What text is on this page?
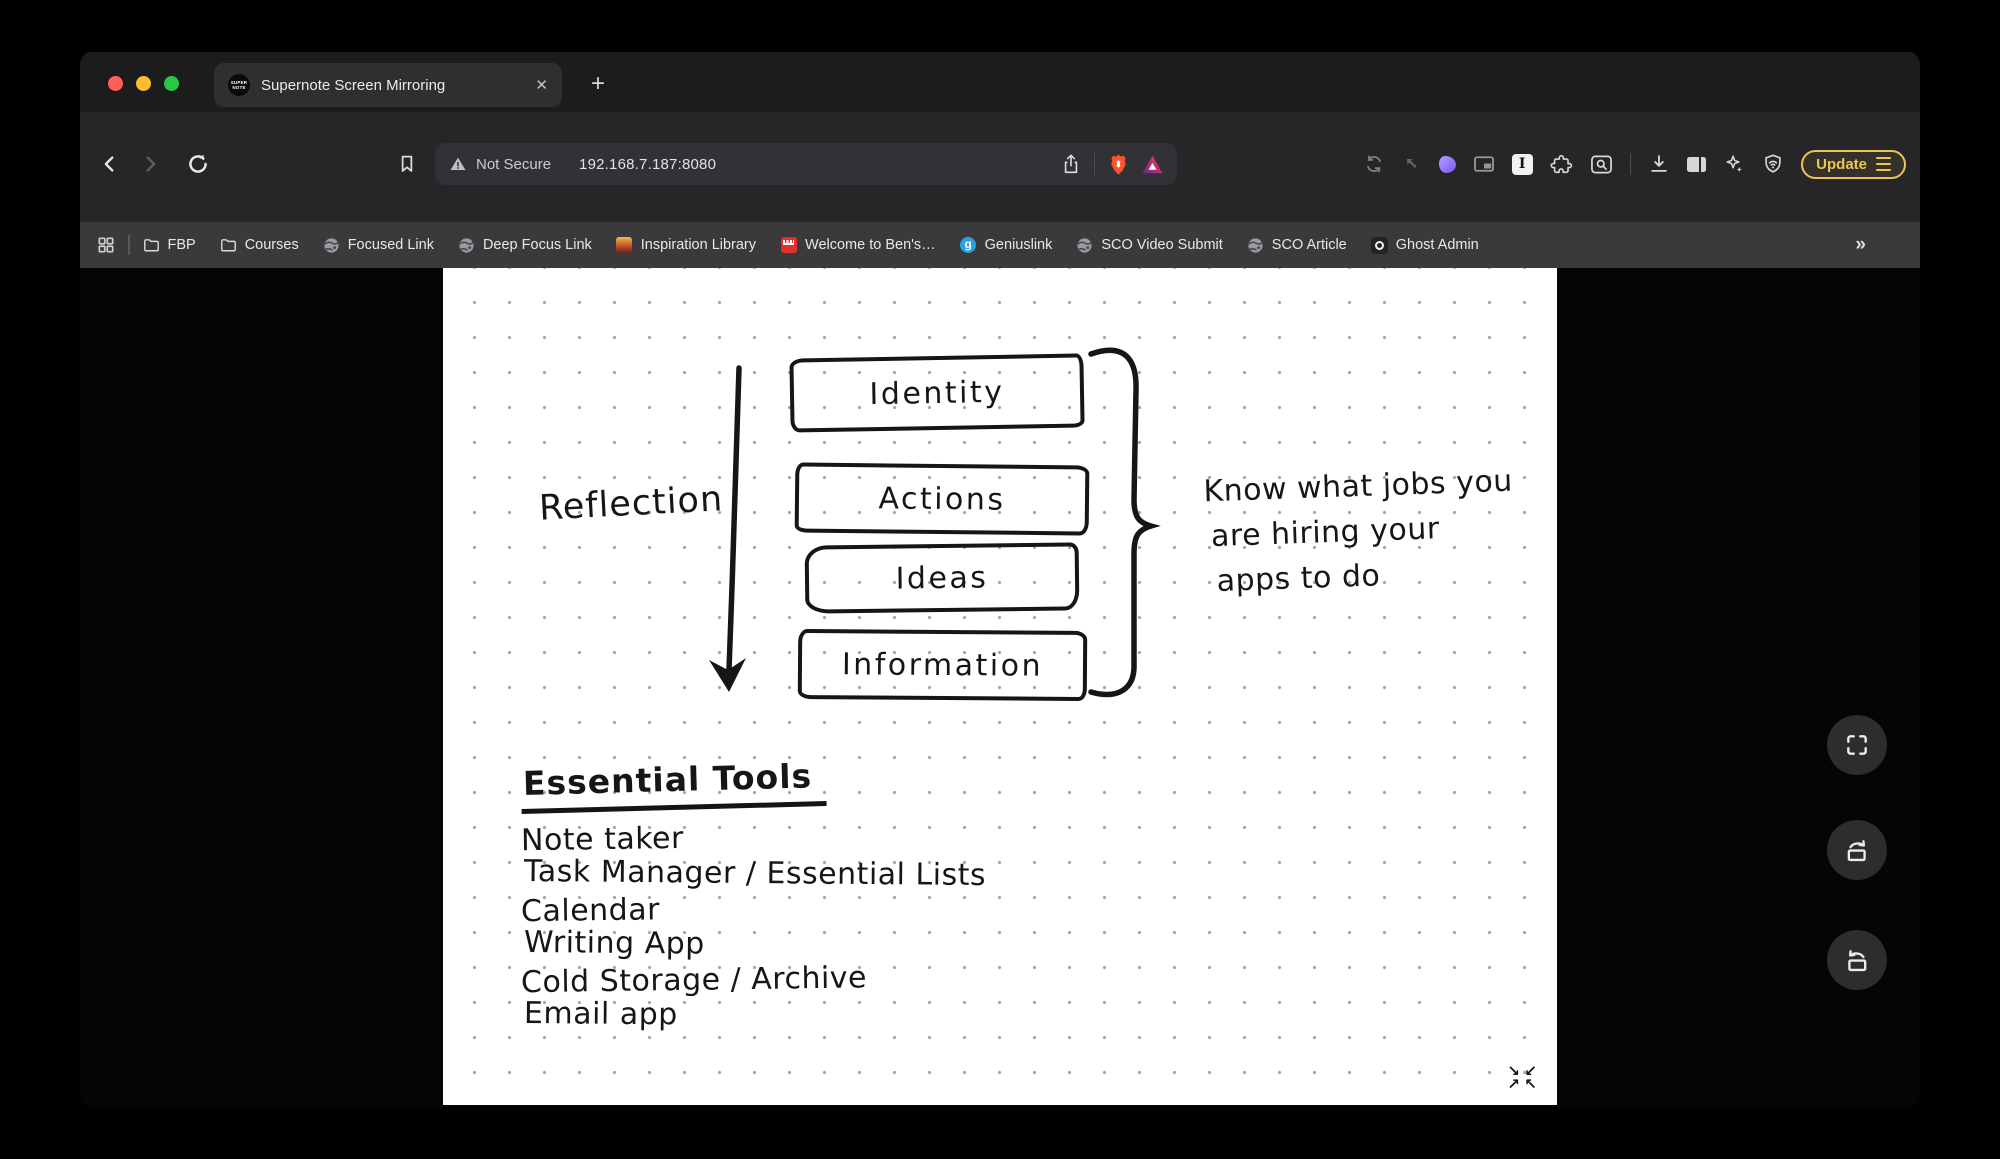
SUPER NOTE Supernote Screen Mirroring	✕	+
Not Secure 192.168.7.187:8080	I	Update
FBP	Courses	Focused Link	Deep Focus Link	Inspiration Library	Welcome to Ben's…	g Geniuslink	SCO Video Submit	SCO Article	Ghost Admin	»
Reflection
Identity
Actions
Ideas
Information
Know what jobs you
are hiring your
apps to do
Essential Tools
Note taker
Task Manager / Essential Lists
Calendar
Writing App
Cold Storage / Archive
Email app
↘ ↙
↗ ↖
